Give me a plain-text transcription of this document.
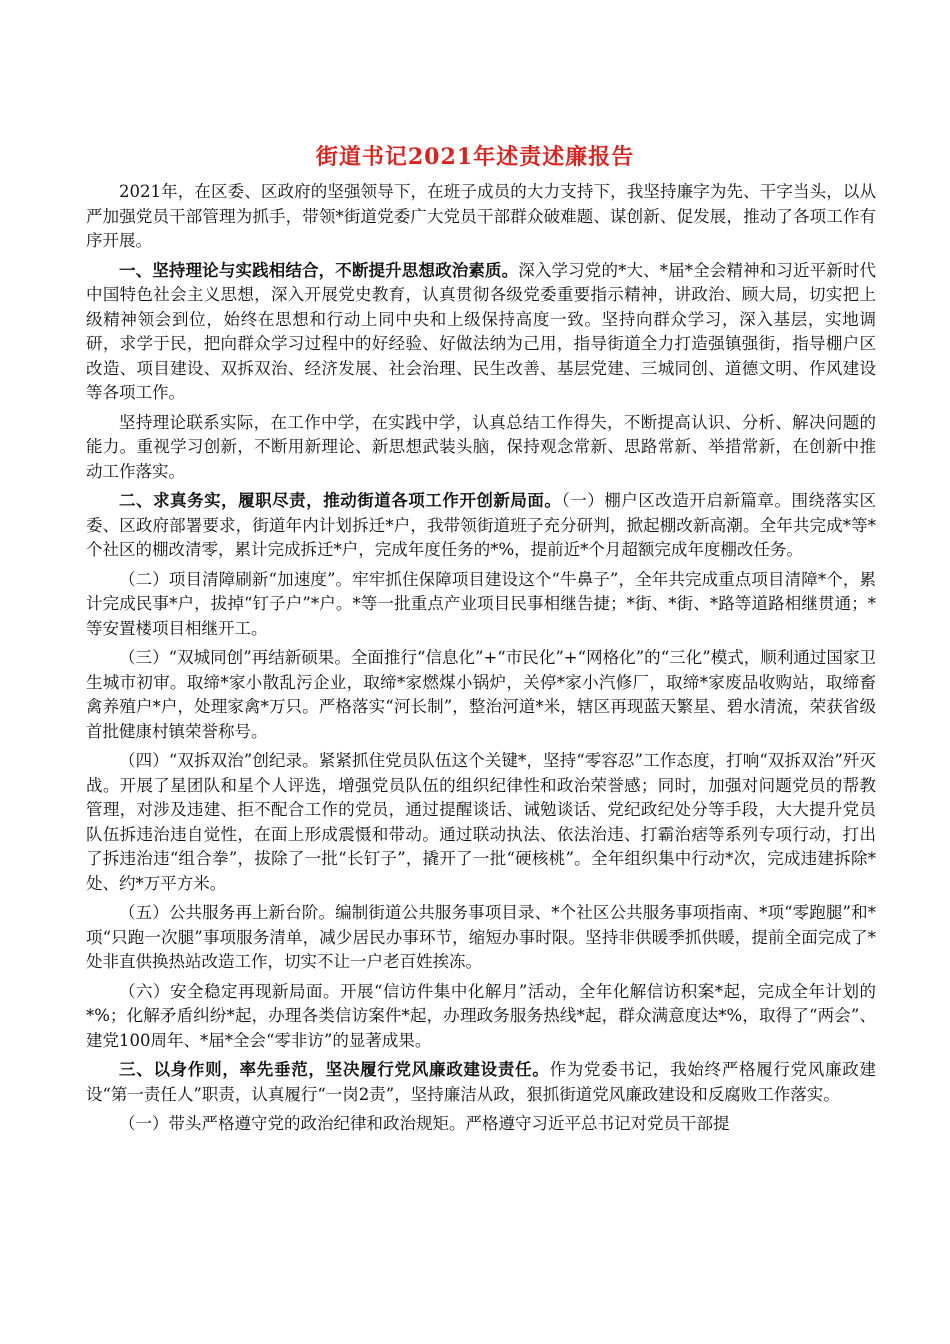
街道书记2021年述责述廉报告

2021年，在区委、区政府的坚强领导下，在班子成员的大力支持下，我坚持廉字为先、干字当头，以从严加强党员干部管理为抓手，带领*街道党委广大党员干部群众破难题、谋创新、促发展，推动了各项工作有序开展。

一、坚持理论与实践相结合，不断提升思想政治素质。深入学习党的*大、*届*全会精神和习近平新时代中国特色社会主义思想，深入开展党史教育，认真贯彻各级党委重要指示精神，讲政治、顾大局，切实把上级精神领会到位，始终在思想和行动上同中央和上级保持高度一致。坚持向群众学习，深入基层，实地调研，求学于民，把向群众学习过程中的好经验、好做法纳为己用，指导街道全力打造强镇强街，指导棚户区改造、项目建设、双拆双治、经济发展、社会治理、民生改善、基层党建、三城同创、道德文明、作风建设等各项工作。

坚持理论联系实际，在工作中学，在实践中学，认真总结工作得失，不断提高认识、分析、解决问题的能力。重视学习创新，不断用新理论、新思想武装头脑，保持观念常新、思路常新、举措常新，在创新中推动工作落实。

二、求真务实，履职尽责，推动街道各项工作开创新局面。（一）棚户区改造开启新篇章。围绕落实区委、区政府部署要求，街道年内计划拆迁*户，我带领街道班子充分研判，掀起棚改新高潮。全年共完成*等*个社区的棚改清零，累计完成拆迁*户，完成年度任务的*%，提前近*个月超额完成年度棚改任务。

（二）项目清障刷新“加速度”。牢牢抓住保障项目建设这个“牛鼻子”，全年共完成重点项目清障*个，累计完成民事*户，拔掉“钉子户”*户。*等一批重点产业项目民事相继告捷；*街、*街、*路等道路相继贯通；*等安置楼项目相继开工。

（三）“双城同创”再结新硕果。全面推行“信息化”+“市民化”+“网格化”的“三化”模式，顺利通过国家卫生城市初审。取缔*家小散乱污企业，取缔*家燃煤小锅炉，关停*家小汽修厂，取缔*家废品收购站，取缔畜禽养殖户*户，处理家禽*万只。严格落实“河长制”，整治河道*米，辖区再现蓝天繁星、碧水清流，荣获省级首批健康村镇荣誉称号。

（四）“双拆双治”创纪录。紧紧抓住党员队伍这个关键*，坚持“零容忍”工作态度，打响“双拆双治”歼灭战。开展了星团队和星个人评选，增强党员队伍的组织纪律性和政治荣誉感；同时，加强对问题党员的帮教管理，对涉及违建、拒不配合工作的党员，通过提醒谈话、诫勉谈话、党纪政纪处分等手段，大大提升党员队伍拆违治违自觉性，在面上形成震慑和带动。通过联动执法、依法治违、打霸治痞等系列专项行动，打出了拆违治违“组合拳”，拔除了一批“长钉子”，撬开了一批“硬核桃”。全年组织集中行动*次，完成违建拆除*处、约*万平方米。

（五）公共服务再上新台阶。编制街道公共服务事项目录、*个社区公共服务事项指南、*项“零跑腿”和*项“只跑一次腿”事项服务清单，减少居民办事环节，缩短办事时限。坚持非供暖季抓供暖，提前全面完成了*处非直供换热站改造工作，切实不让一户老百姓挨冻。

（六）安全稳定再现新局面。开展“信访件集中化解月”活动，全年化解信访积案*起，完成全年计划的*%；化解矛盾纠纷*起，办理各类信访案件*起，办理政务服务热线*起，群众满意度达*%，取得了“两会”、建党100周年、*届*全会“零非访”的显著成果。

三、以身作则，率先垂范，坚决履行党风廉政建设责任。作为党委书记，我始终严格履行党风廉政建设“第一责任人”职责，认真履行“一岗2责”，坚持廉洁从政，狠抓街道党风廉政建设和反腐败工作落实。

（一）带头严格遵守党的政治纪律和政治规矩。严格遵守习近平总书记对党员干部提
